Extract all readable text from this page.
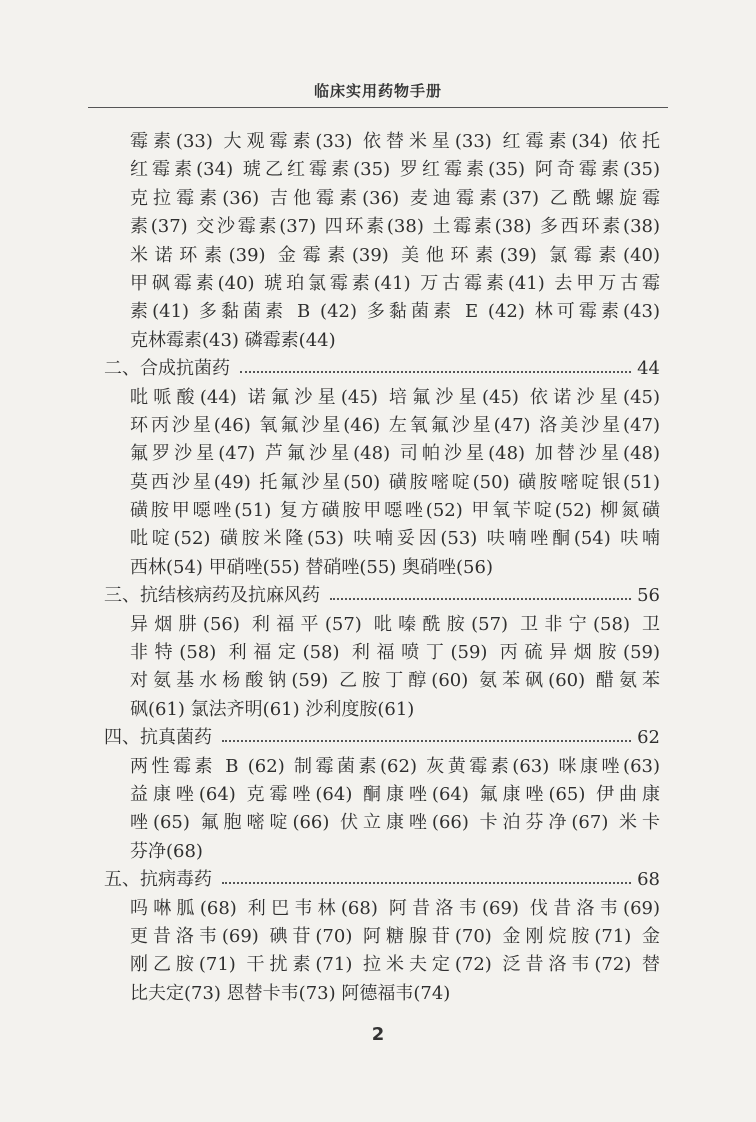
临床实用药物手册
霉素(33) 大观霉素(33) 依替米星(33) 红霉素(34) 依托
红霉素(34) 琥乙红霉素(35) 罗红霉素(35) 阿奇霉素(35)
克拉霉素(36) 吉他霉素(36) 麦迪霉素(37) 乙酰螺旋霉
素(37) 交沙霉素(37) 四环素(38) 土霉素(38) 多西环素(38)
米诺环素(39) 金霉素(39) 美他环素(39) 氯霉素(40)
甲砜霉素(40) 琥珀氯霉素(41) 万古霉素(41) 去甲万古霉
素(41) 多黏菌素 B (42) 多黏菌素 E (42) 林可霉素(43)
克林霉素(43) 磷霉素(44)
二、合成抗菌药	44
吡哌酸(44) 诺氟沙星(45) 培氟沙星(45) 依诺沙星(45)
环丙沙星(46) 氧氟沙星(46) 左氧氟沙星(47) 洛美沙星(47)
氟罗沙星(47) 芦氟沙星(48) 司帕沙星(48) 加替沙星(48)
莫西沙星(49) 托氟沙星(50) 磺胺嘧啶(50) 磺胺嘧啶银(51)
磺胺甲噁唑(51) 复方磺胺甲噁唑(52) 甲氧苄啶(52) 柳氮磺
吡啶(52) 磺胺米隆(53) 呋喃妥因(53) 呋喃唑酮(54) 呋喃
西林(54) 甲硝唑(55) 替硝唑(55) 奥硝唑(56)
三、抗结核病药及抗麻风药	56
异烟肼(56) 利福平(57) 吡嗪酰胺(57) 卫非宁(58) 卫
非特(58) 利福定(58) 利福喷丁(59) 丙硫异烟胺(59)
对氨基水杨酸钠(59) 乙胺丁醇(60) 氨苯砜(60) 醋氨苯
砜(61) 氯法齐明(61) 沙利度胺(61)
四、抗真菌药	62
两性霉素 B (62) 制霉菌素(62) 灰黄霉素(63) 咪康唑(63)
益康唑(64) 克霉唑(64) 酮康唑(64) 氟康唑(65) 伊曲康
唑(65) 氟胞嘧啶(66) 伏立康唑(66) 卡泊芬净(67) 米卡
芬净(68)
五、抗病毒药	68
吗啉胍(68) 利巴韦林(68) 阿昔洛韦(69) 伐昔洛韦(69)
更昔洛韦(69) 碘苷(70) 阿糖腺苷(70) 金刚烷胺(71) 金
刚乙胺(71) 干扰素(71) 拉米夫定(72) 泛昔洛韦(72) 替
比夫定(73) 恩替卡韦(73) 阿德福韦(74)
2
